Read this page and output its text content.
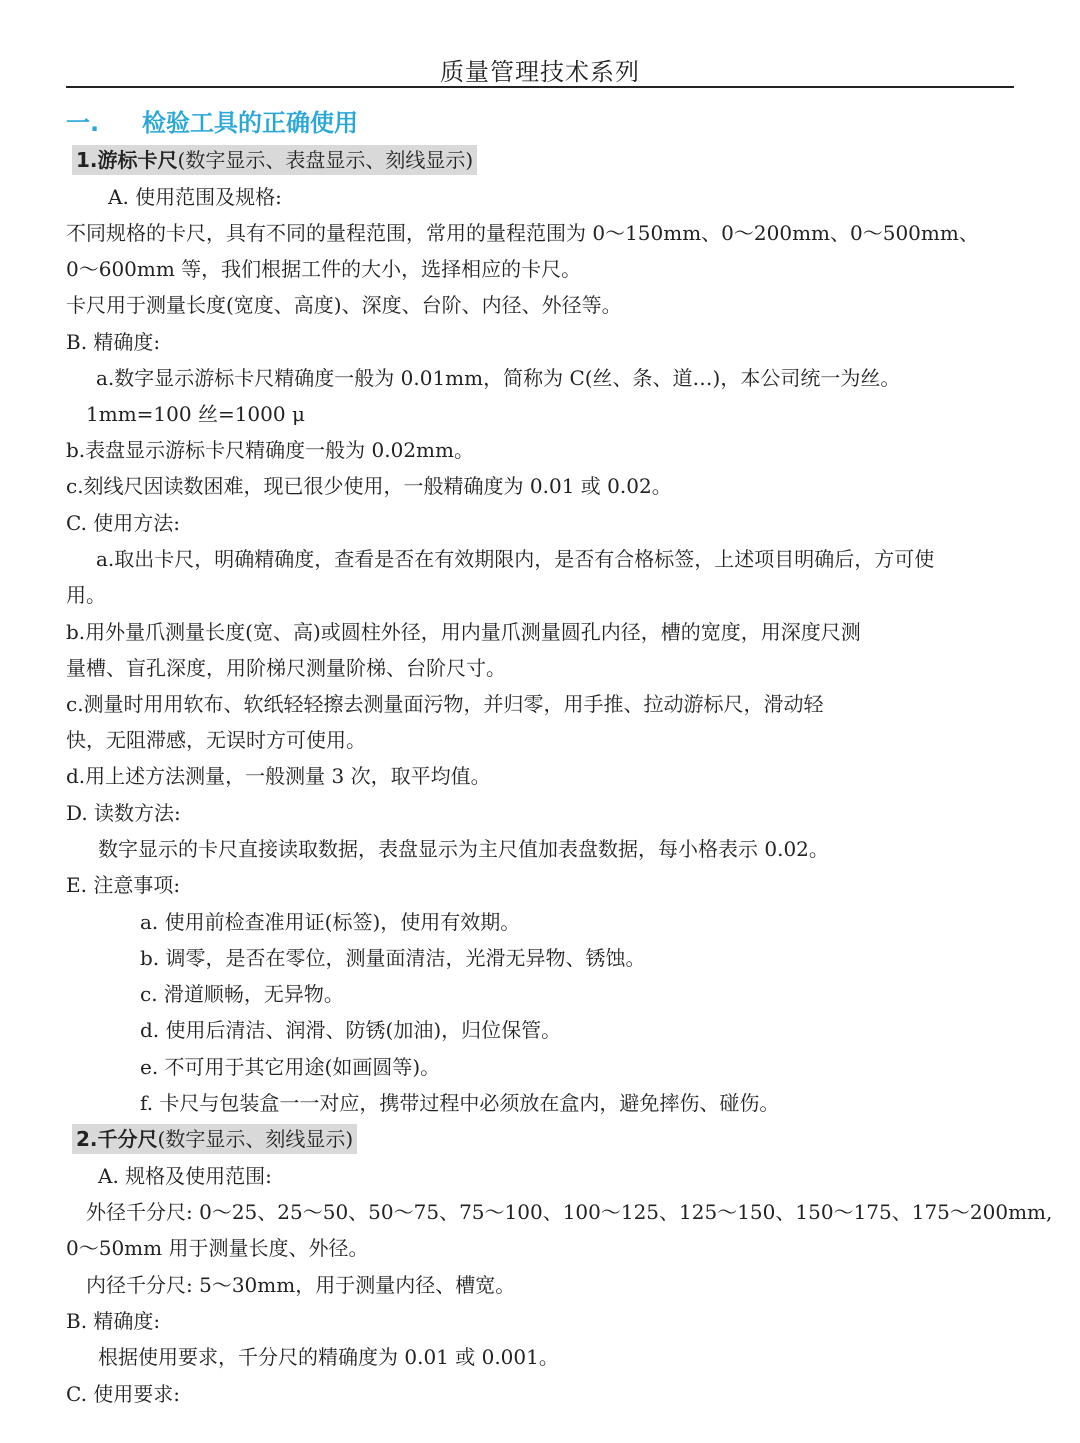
质量管理技术系列
一. 检验工具的正确使用
1.游标卡尺(数字显示、表盘显示、刻线显示)
A. 使用范围及规格:
不同规格的卡尺，具有不同的量程范围，常用的量程范围为 0～150mm、0～200mm、0～500mm、
0～600mm 等，我们根据工件的大小，选择相应的卡尺。
卡尺用于测量长度(宽度、高度)、深度、台阶、内径、外径等。
B. 精确度:
a.数字显示游标卡尺精确度一般为 0.01mm，简称为 C(丝、条、道…)，本公司统一为丝。
1mm=100 丝=1000 μ
b.表盘显示游标卡尺精确度一般为 0.02mm。
c.刻线尺因读数困难，现已很少使用，一般精确度为 0.01 或 0.02。
C. 使用方法:
a.取出卡尺，明确精确度，查看是否在有效期限内，是否有合格标签，上述项目明确后，方可使
用。
b.用外量爪测量长度(宽、高)或圆柱外径，用内量爪测量圆孔内径，槽的宽度，用深度尺测
量槽、盲孔深度，用阶梯尺测量阶梯、台阶尺寸。
c.测量时用用软布、软纸轻轻擦去测量面污物，并归零，用手推、拉动游标尺，滑动轻
快，无阻滞感，无误时方可使用。
d.用上述方法测量，一般测量 3 次，取平均值。
D. 读数方法:
数字显示的卡尺直接读取数据，表盘显示为主尺值加表盘数据，每小格表示 0.02。
E. 注意事项:
a. 使用前检查准用证(标签)，使用有效期。
b. 调零，是否在零位，测量面清洁，光滑无异物、锈蚀。
c. 滑道顺畅，无异物。
d. 使用后清洁、润滑、防锈(加油)，归位保管。
e. 不可用于其它用途(如画圆等)。
f. 卡尺与包装盒一一对应，携带过程中必须放在盒内，避免摔伤、碰伤。
2.千分尺(数字显示、刻线显示)
A. 规格及使用范围:
外径千分尺: 0～25、25～50、50～75、75～100、100～125、125～150、150～175、175～200mm,
0～50mm 用于测量长度、外径。
内径千分尺: 5～30mm，用于测量内径、槽宽。
B. 精确度:
根据使用要求，千分尺的精确度为 0.01 或 0.001。
C. 使用要求:
